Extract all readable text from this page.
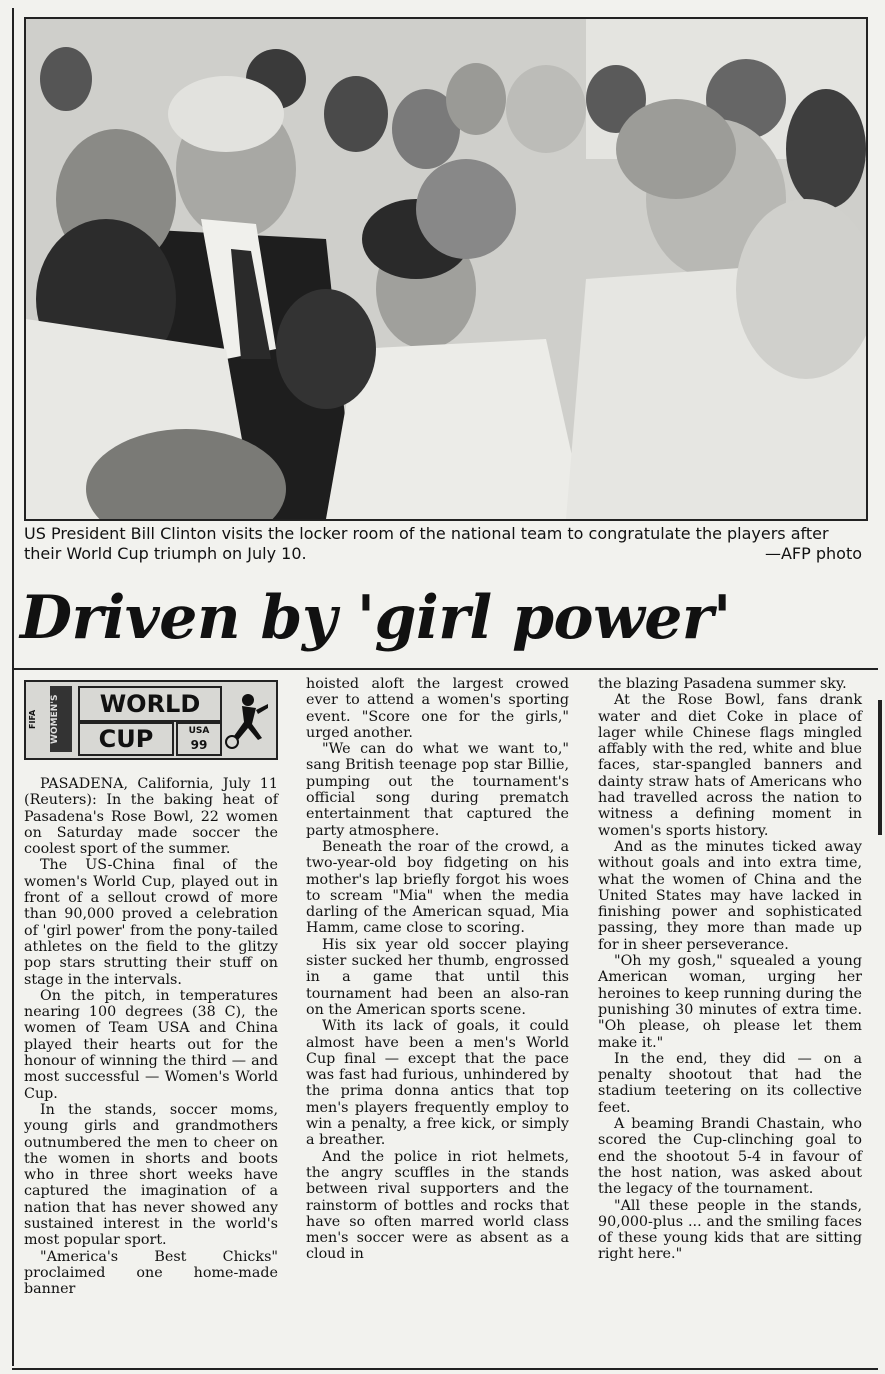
US President Bill Clinton visits the locker room of the national team to congratulate the players after their World Cup triumph on July 10.	—AFP photo
Driven by 'girl power'
FIFA	WOMEN'S	WORLD
CUP	USA
99

PASADENA, California, July 11 (Reuters): In the baking heat of Pasadena's Rose Bowl, 22 women on Saturday made soccer the coolest sport of the summer.

The US-China final of the women's World Cup, played out in front of a sellout crowd of more than 90,000 proved a celebration of 'girl power' from the pony-tailed athletes on the field to the glitzy pop stars strutting their stuff on stage in the intervals.

On the pitch, in temperatures nearing 100 degrees (38 C), the women of Team USA and China played their hearts out for the honour of winning the third — and most successful — Women's World Cup.

In the stands, soccer moms, young girls and grandmothers outnumbered the men to cheer on the women in shorts and boots who in three short weeks have captured the imagination of a nation that has never showed any sustained interest in the world's most popular sport.

"America's Best Chicks" proclaimed one home-made banner

hoisted aloft the largest crowed ever to attend a women's sporting event. "Score one for the girls," urged another.

"We can do what we want to," sang British teenage pop star Billie, pumping out the tournament's official song during prematch entertainment that captured the party atmosphere.

Beneath the roar of the crowd, a two-year-old boy fidgeting on his mother's lap briefly forgot his woes to scream "Mia" when the media darling of the American squad, Mia Hamm, came close to scoring.

His six year old soccer playing sister sucked her thumb, engrossed in a game that until this tournament had been an also-ran on the American sports scene.

With its lack of goals, it could almost have been a men's World Cup final — except that the pace was fast had furious, unhindered by the prima donna antics that top men's players frequently employ to win a penalty, a free kick, or simply a breather.

And the police in riot helmets, the angry scuffles in the stands between rival supporters and the rainstorm of bottles and rocks that have so often marred world class men's soccer were as absent as a cloud in

the blazing Pasadena summer sky.

At the Rose Bowl, fans drank water and diet Coke in place of lager while Chinese flags mingled affably with the red, white and blue faces, star-spangled banners and dainty straw hats of Americans who had travelled across the nation to witness a defining moment in women's sports history.

And as the minutes ticked away without goals and into extra time, what the women of China and the United States may have lacked in finishing power and sophisticated passing, they more than made up for in sheer perseverance.

"Oh my gosh," squealed a young American woman, urging her heroines to keep running during the punishing 30 minutes of extra time. "Oh please, oh please let them make it."

In the end, they did — on a penalty shootout that had the stadium teetering on its collective feet.

A beaming Brandi Chastain, who scored the Cup-clinching goal to end the shootout 5-4 in favour of the host nation, was asked about the legacy of the tournament.

"All these people in the stands, 90,000-plus ... and the smiling faces of these young kids that are sitting right here."
